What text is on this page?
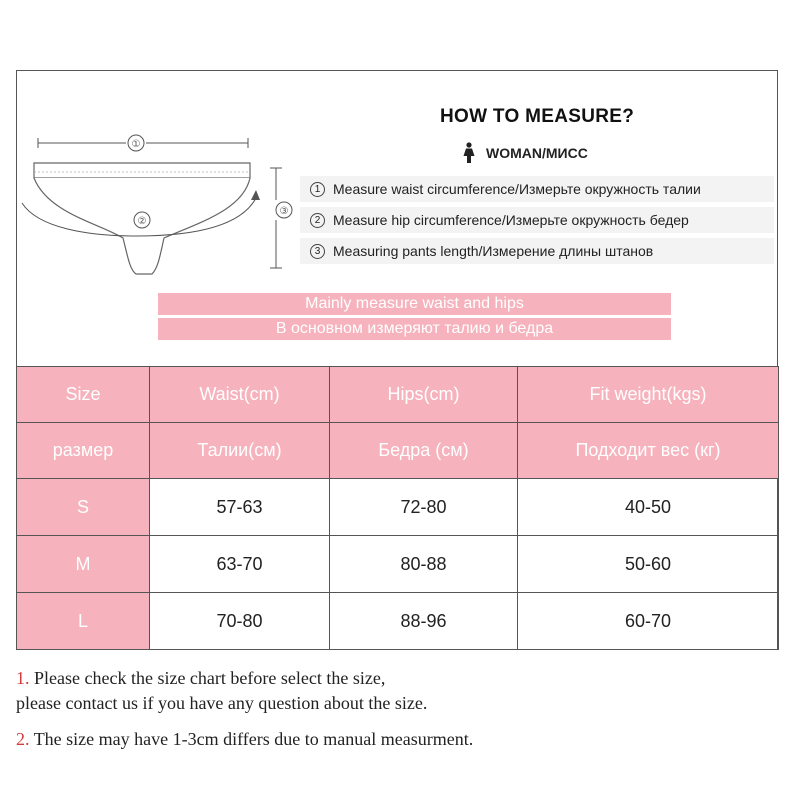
①
②
③
HOW TO MEASURE?
WOMAN/МИСС
1 Measure waist circumference/Измерьте окружность талии
2 Measure hip circumference/Измерьте окружность бедер
3 Measuring pants length/Измерение длины штанов
Mainly measure waist and hips
В основном измеряют талию и бедра
Size	Waist(cm)	Hips(cm)	Fit weight(kgs)
размер	Талии(см)	Бедра (см)	Подходит вес (кг)
S	57-63	72-80	40-50
M	63-70	80-88	50-60
L	70-80	88-96	60-70
1. Please check the size chart before select the size,
please contact us if you have any question about the size.
2. The size may have 1-3cm differs due to manual measurment.
